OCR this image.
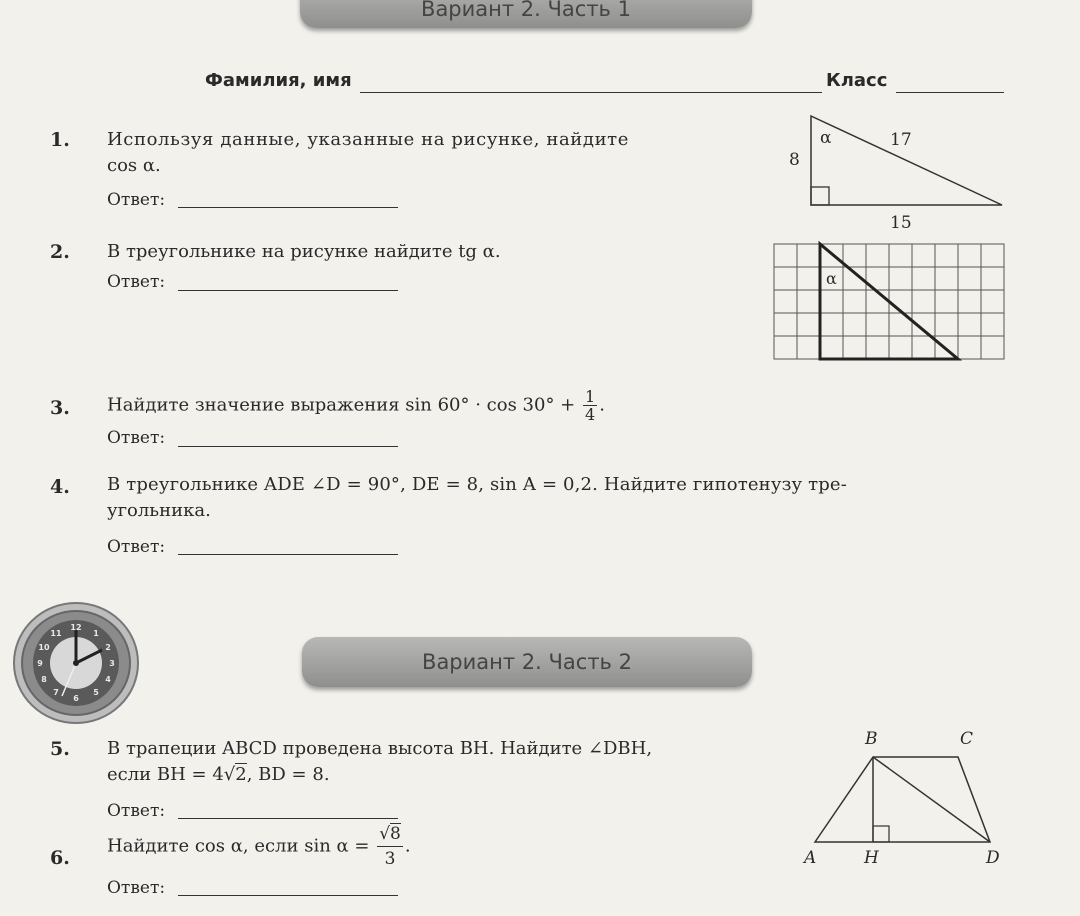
Вариант 2. Часть 1
Фамилия, имя	Класс
1. Используя данные, указанные на рисунке, найдите
cos α.
Ответ:
α
8
17
15
2. В треугольнике на рисунке найдите tg α.
Ответ:	α
3. Найдите значение выражения $\sin 60^\circ \cdot \cos 30^\circ + \frac{1}{4}$ .
Ответ:
4. В треугольнике ADE ∠D = 90°, DE = 8, sin A = 0,2. Найдите гипотенузу тре-
угольника.
Ответ:
12
1
2
3
4
5
6
7
8
9
10
11
Вариант 2. Часть 2
5. В трапеции ABCD проведена высота BH. Найдите ∠DBH,
если BH = 4√2, BD = 8.
Ответ:
B	C
A	H	D
6.
Найдите cos α, если $\sin \alpha = \frac{√8}{3}$ .
Ответ:
